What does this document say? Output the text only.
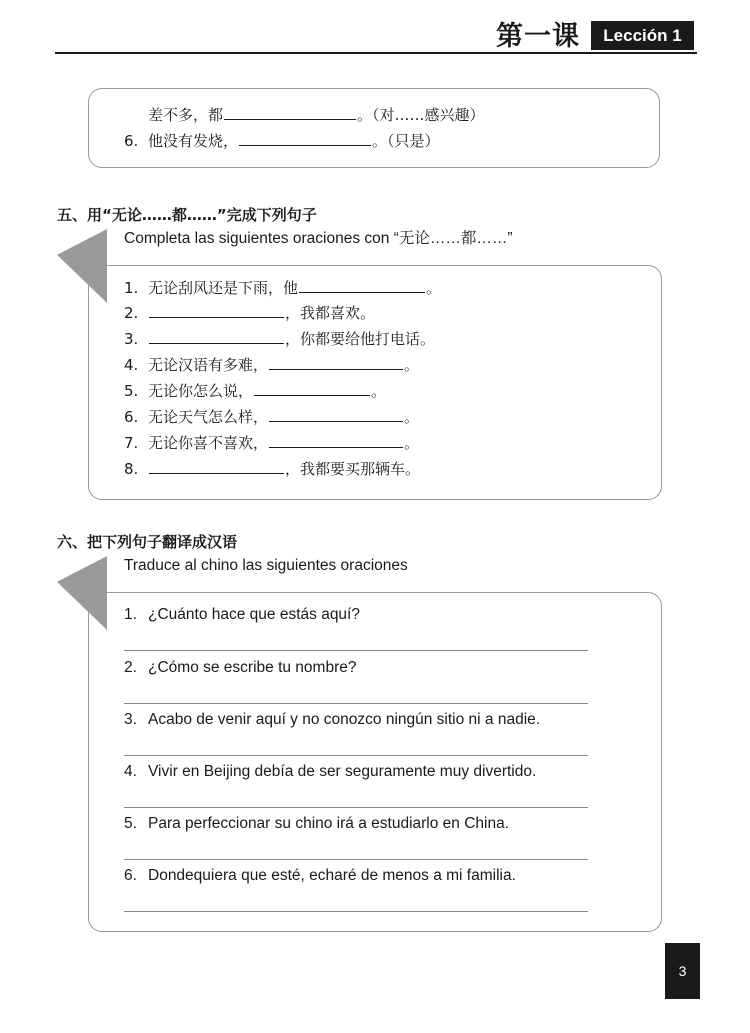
第一课	Lección 1
差不多，都	。（对……感兴趣）
6. 他没有发烧，	。（只是）
五、用“无论……都……”完成下列句子
Completa las siguientes oraciones con “无论……都……”
1. 无论刮风还是下雨，他	。
2.	，我都喜欢。
3.	，你都要给他打电话。
4. 无论汉语有多难，	。
5. 无论你怎么说，	。
6. 无论天气怎么样，	。
7. 无论你喜不喜欢，	。
8.	，我都要买那辆车。
六、把下列句子翻译成汉语
Traduce al chino las siguientes oraciones
1. ¿Cuánto hace que estás aquí?
2. ¿Cómo se escribe tu nombre?
3. Acabo de venir aquí y no conozco ningún sitio ni a nadie.
4. Vivir en Beijing debía de ser seguramente muy divertido.
5. Para perfeccionar su chino irá a estudiarlo en China.
6. Dondequiera que esté, echaré de menos a mi familia.
3
